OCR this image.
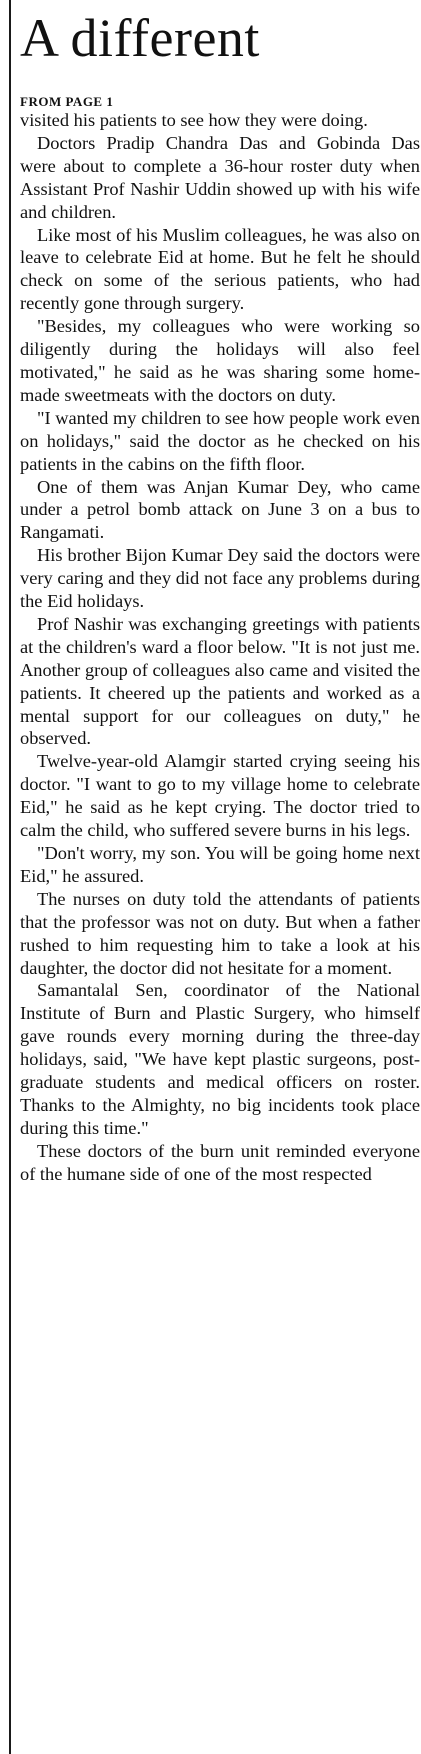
A different
FROM PAGE 1

visited his patients to see how they were doing.

Doctors Pradip Chandra Das and Gobinda Das were about to complete a 36-hour roster duty when Assistant Prof Nashir Uddin showed up with his wife and children.

Like most of his Muslim colleagues, he was also on leave to celebrate Eid at home. But he felt he should check on some of the serious patients, who had recently gone through surgery.

"Besides, my colleagues who were working so diligently during the holidays will also feel motivated," he said as he was sharing some home-made sweetmeats with the doctors on duty.

"I wanted my children to see how people work even on holidays," said the doctor as he checked on his patients in the cabins on the fifth floor.

One of them was Anjan Kumar Dey, who came under a petrol bomb attack on June 3 on a bus to Rangamati.

His brother Bijon Kumar Dey said the doctors were very caring and they did not face any problems during the Eid holidays.

Prof Nashir was exchanging greetings with patients at the children's ward a floor below. "It is not just me. Another group of colleagues also came and visited the patients. It cheered up the patients and worked as a mental support for our colleagues on duty," he observed.

Twelve-year-old Alamgir started crying seeing his doctor. "I want to go to my village home to celebrate Eid," he said as he kept crying. The doctor tried to calm the child, who suffered severe burns in his legs.

"Don't worry, my son. You will be going home next Eid," he assured.

The nurses on duty told the attendants of patients that the professor was not on duty. But when a father rushed to him requesting him to take a look at his daughter, the doctor did not hesitate for a moment.

Samantalal Sen, coordinator of the National Institute of Burn and Plastic Surgery, who himself gave rounds every morning during the three-day holidays, said, "We have kept plastic surgeons, post-graduate students and medical officers on roster. Thanks to the Almighty, no big incidents took place during this time."

These doctors of the burn unit reminded everyone of the humane side of one of the most respected
